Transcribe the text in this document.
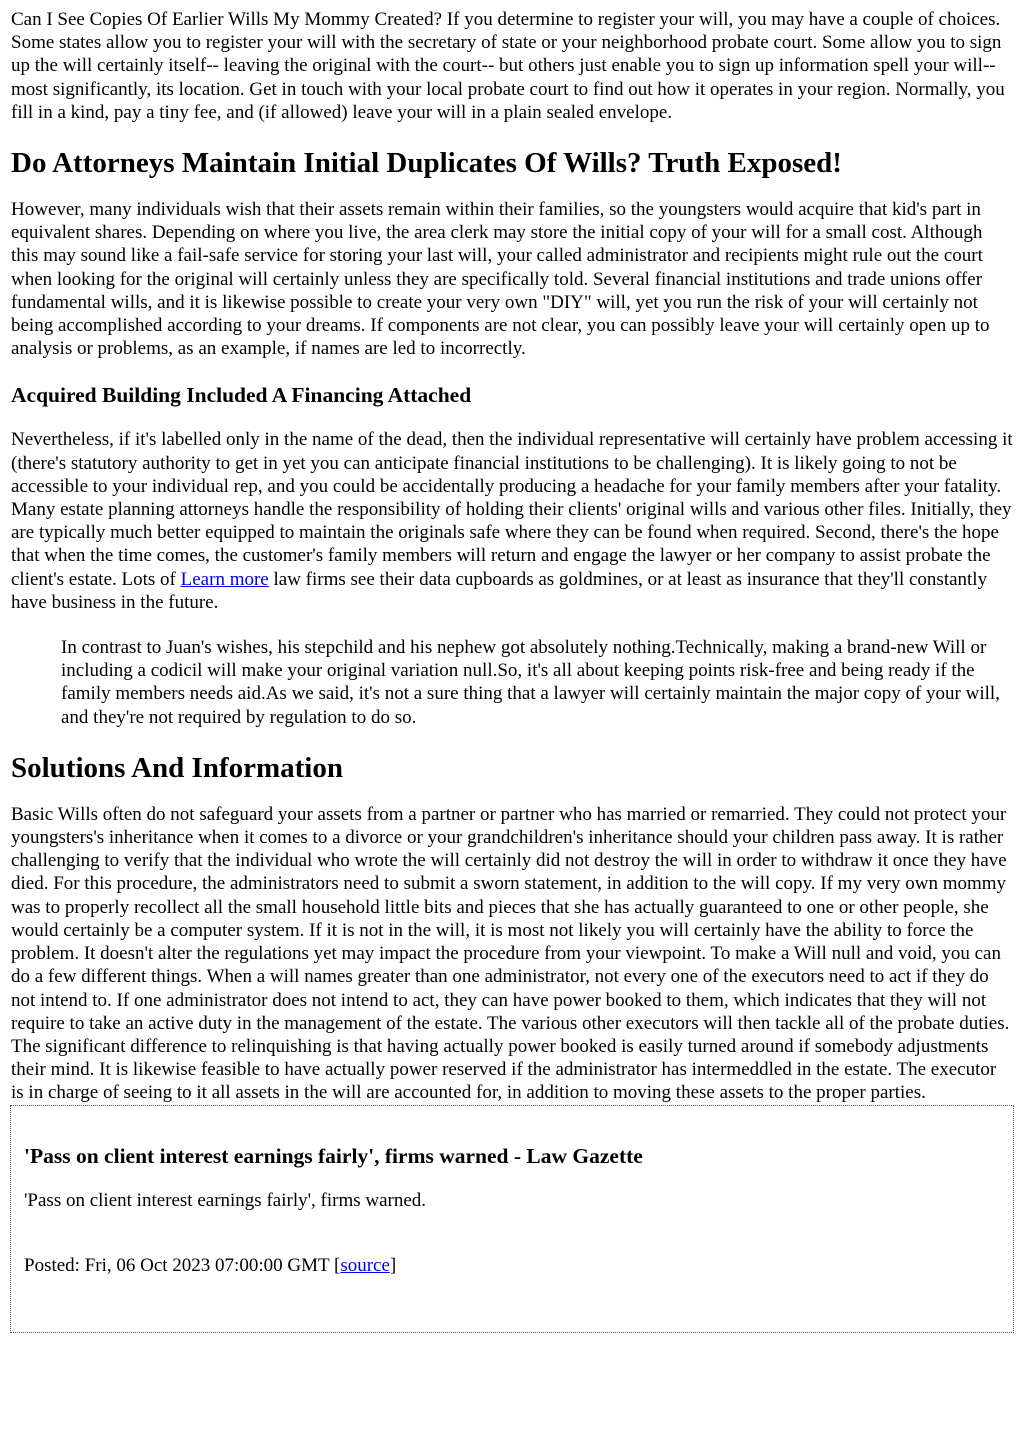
Can I See Copies Of Earlier Wills My Mommy Created? If you determine to register your will, you may have a couple of choices. Some states allow you to register your will with the secretary of state or your neighborhood probate court. Some allow you to sign up the will certainly itself-- leaving the original with the court-- but others just enable you to sign up information spell your will-- most significantly, its location. Get in touch with your local probate court to find out how it operates in your region. Normally, you fill in a kind, pay a tiny fee, and (if allowed) leave your will in a plain sealed envelope.

Do Attorneys Maintain Initial Duplicates Of Wills? Truth Exposed!

However, many individuals wish that their assets remain within their families, so the youngsters would acquire that kid's part in equivalent shares. Depending on where you live, the area clerk may store the initial copy of your will for a small cost. Although this may sound like a fail-safe service for storing your last will, your called administrator and recipients might rule out the court when looking for the original will certainly unless they are specifically told. Several financial institutions and trade unions offer fundamental wills, and it is likewise possible to create your very own "DIY" will, yet you run the risk of your will certainly not being accomplished according to your dreams. If components are not clear, you can possibly leave your will certainly open up to analysis or problems, as an example, if names are led to incorrectly.

Acquired Building Included A Financing Attached

Nevertheless, if it's labelled only in the name of the dead, then the individual representative will certainly have problem accessing it (there's statutory authority to get in yet you can anticipate financial institutions to be challenging). It is likely going to not be accessible to your individual rep, and you could be accidentally producing a headache for your family members after your fatality. Many estate planning attorneys handle the responsibility of holding their clients' original wills and various other files. Initially, they are typically much better equipped to maintain the originals safe where they can be found when required. Second, there's the hope that when the time comes, the customer's family members will return and engage the lawyer or her company to assist probate the client's estate. Lots of Learn more law firms see their data cupboards as goldmines, or at least as insurance that they'll constantly have business in the future.

In contrast to Juan's wishes, his stepchild and his nephew got absolutely nothing.Technically, making a brand-new Will or including a codicil will make your original variation null.So, it's all about keeping points risk-free and being ready if the family members needs aid.As we said, it's not a sure thing that a lawyer will certainly maintain the major copy of your will, and they're not required by regulation to do so.
Solutions And Information

Basic Wills often do not safeguard your assets from a partner or partner who has married or remarried. They could not protect your youngsters's inheritance when it comes to a divorce or your grandchildren's inheritance should your children pass away. It is rather challenging to verify that the individual who wrote the will certainly did not destroy the will in order to withdraw it once they have died. For this procedure, the administrators need to submit a sworn statement, in addition to the will copy. If my very own mommy was to properly recollect all the small household little bits and pieces that she has actually guaranteed to one or other people, she would certainly be a computer system. If it is not in the will, it is most not likely you will certainly have the ability to force the problem. It doesn't alter the regulations yet may impact the procedure from your viewpoint. To make a Will null and void, you can do a few different things. When a will names greater than one administrator, not every one of the executors need to act if they do not intend to. If one administrator does not intend to act, they can have power booked to them, which indicates that they will not require to take an active duty in the management of the estate. The various other executors will then tackle all of the probate duties. The significant difference to relinquishing is that having actually power booked is easily turned around if somebody adjustments their mind. It is likewise feasible to have actually power reserved if the administrator has intermeddled in the estate. The executor is in charge of seeing to it all assets in the will are accounted for, in addition to moving these assets to the proper parties.

'Pass on client interest earnings fairly', firms warned - Law Gazette

'Pass on client interest earnings fairly', firms warned.

Posted: Fri, 06 Oct 2023 07:00:00 GMT [source]
